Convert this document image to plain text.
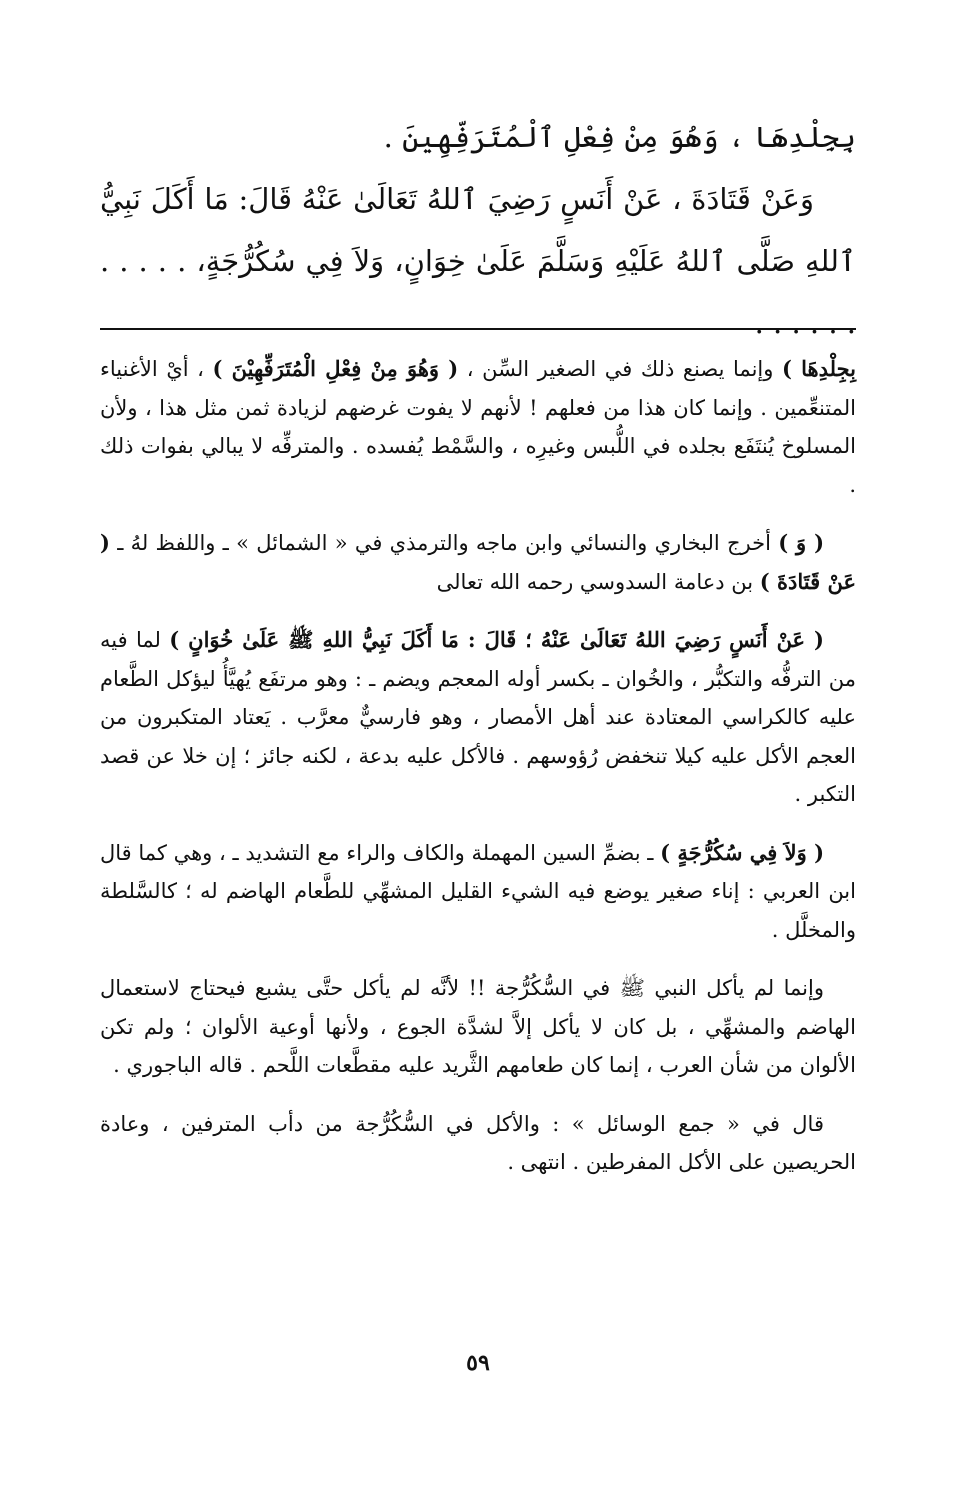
بِجِلْدِهَا ، وَهُوَ مِنْ فِعْلِ ٱلْمُتَرَفِّهِينَ .

وَعَنْ قَتَادَةَ ، عَنْ أَنَسٍ رَضِيَ ٱللهُ تَعَالَىٰ عَنْهُ قَالَ: مَا أَكَلَ نَبِيُّ ٱللهِ صَلَّى ٱللهُ عَلَيْهِ وَسَلَّمَ عَلَىٰ خِوَانٍ، وَلاَ فِي سُكُرُّجَةٍ، . . . . . . . . . . .

بِجِلْدِهَا ) وإنما يصنع ذلك في الصغير السِّن ، ( وَهُوَ مِنْ فِعْلِ الْمُتَرَفِّهِيْنَ ) ، أيْ الأغنياء المتنعِّمين . وإنما كان هذا من فعلهم ! لأنهم لا يفوت غرضهم لزيادة ثمن مثل هذا ، ولأن المسلوخ يُنتَفَع بجلده في اللُّبس وغيرِه ، والسَّمْط يُفسده . والمترفِّه لا يبالي بفوات ذلك .

( وَ ) أخرج البخاري والنسائي وابن ماجه والترمذي في « الشمائل » ـ واللفظ لهُ ـ ( عَنْ قَتَادَةَ ) بن دعامة السدوسي رحمه الله تعالى

( عَنْ أَنَسٍ رَضِيَ اللهُ تَعَالَىٰ عَنْهُ ؛ قَالَ : مَا أَكَلَ نَبِيُّ اللهِ ﷺ عَلَىٰ خُوَانٍ ) لما فيه من الترفُّه والتكبُّر ، والخُوان ـ بكسر أوله المعجم ويضم ـ : وهو مرتفَع يُهيَّأُ ليؤكل الطَّعام عليه كالكراسي المعتادة عند أهل الأمصار ، وهو فارسيٌّ معرَّب . يَعتاد المتكبرون من العجم الأكل عليه كيلا تنخفض رُؤوسهم . فالأكل عليه بدعة ، لكنه جائز ؛ إن خلا عن قصد التكبر .

( وَلاَ فِي سُكُرُّجَةٍ ) ـ بضمِّ السين المهملة والكاف والراء مع التشديد ـ ، وهي كما قال ابن العربي : إناء صغير يوضع فيه الشيء القليل المشهِّي للطَّعام الهاضم له ؛ كالسَّلطة والمخلَّل .

وإنما لم يأكل النبي ﷺ في السُّكُرُّجة !! لأنَّه لم يأكل حتَّى يشبع فيحتاج لاستعمال الهاضم والمشهِّي ، بل كان لا يأكل إلاَّ لشدَّة الجوع ، ولأنها أوعية الألوان ؛ ولم تكن الألوان من شأن العرب ، إنما كان طعامهم الثَّريد عليه مقطَّعات اللَّحم . قاله الباجوري .

قال في « جمع الوسائل » : والأكل في السُّكُرُّجة من دأب المترفين ، وعادة الحريصين على الأكل المفرطين . انتهى .

٥٩
